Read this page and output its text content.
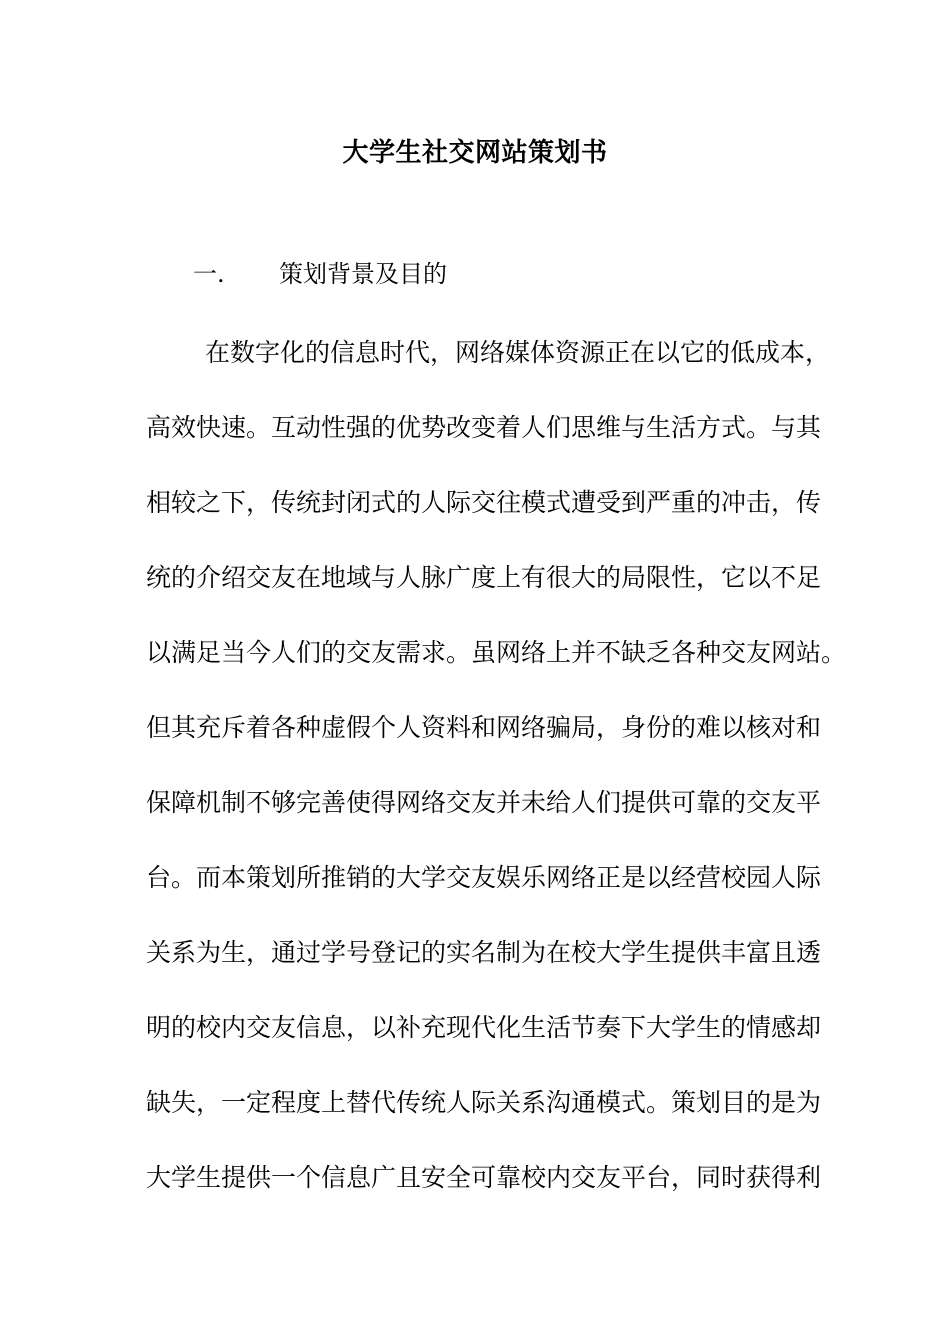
大学生社交网站策划书
一. 策划背景及目的
在数字化的信息时代，网络媒体资源正在以它的低成本，
高效快速。互动性强的优势改变着人们思维与生活方式。与其
相较之下，传统封闭式的人际交往模式遭受到严重的冲击，传
统的介绍交友在地域与人脉广度上有很大的局限性，它以不足
以满足当今人们的交友需求。虽网络上并不缺乏各种交友网站。
但其充斥着各种虚假个人资料和网络骗局，身份的难以核对和
保障机制不够完善使得网络交友并未给人们提供可靠的交友平
台。而本策划所推销的大学交友娱乐网络正是以经营校园人际
关系为生，通过学号登记的实名制为在校大学生提供丰富且透
明的校内交友信息，以补充现代化生活节奏下大学生的情感却
缺失，一定程度上替代传统人际关系沟通模式。策划目的是为
大学生提供一个信息广且安全可靠校内交友平台，同时获得利
